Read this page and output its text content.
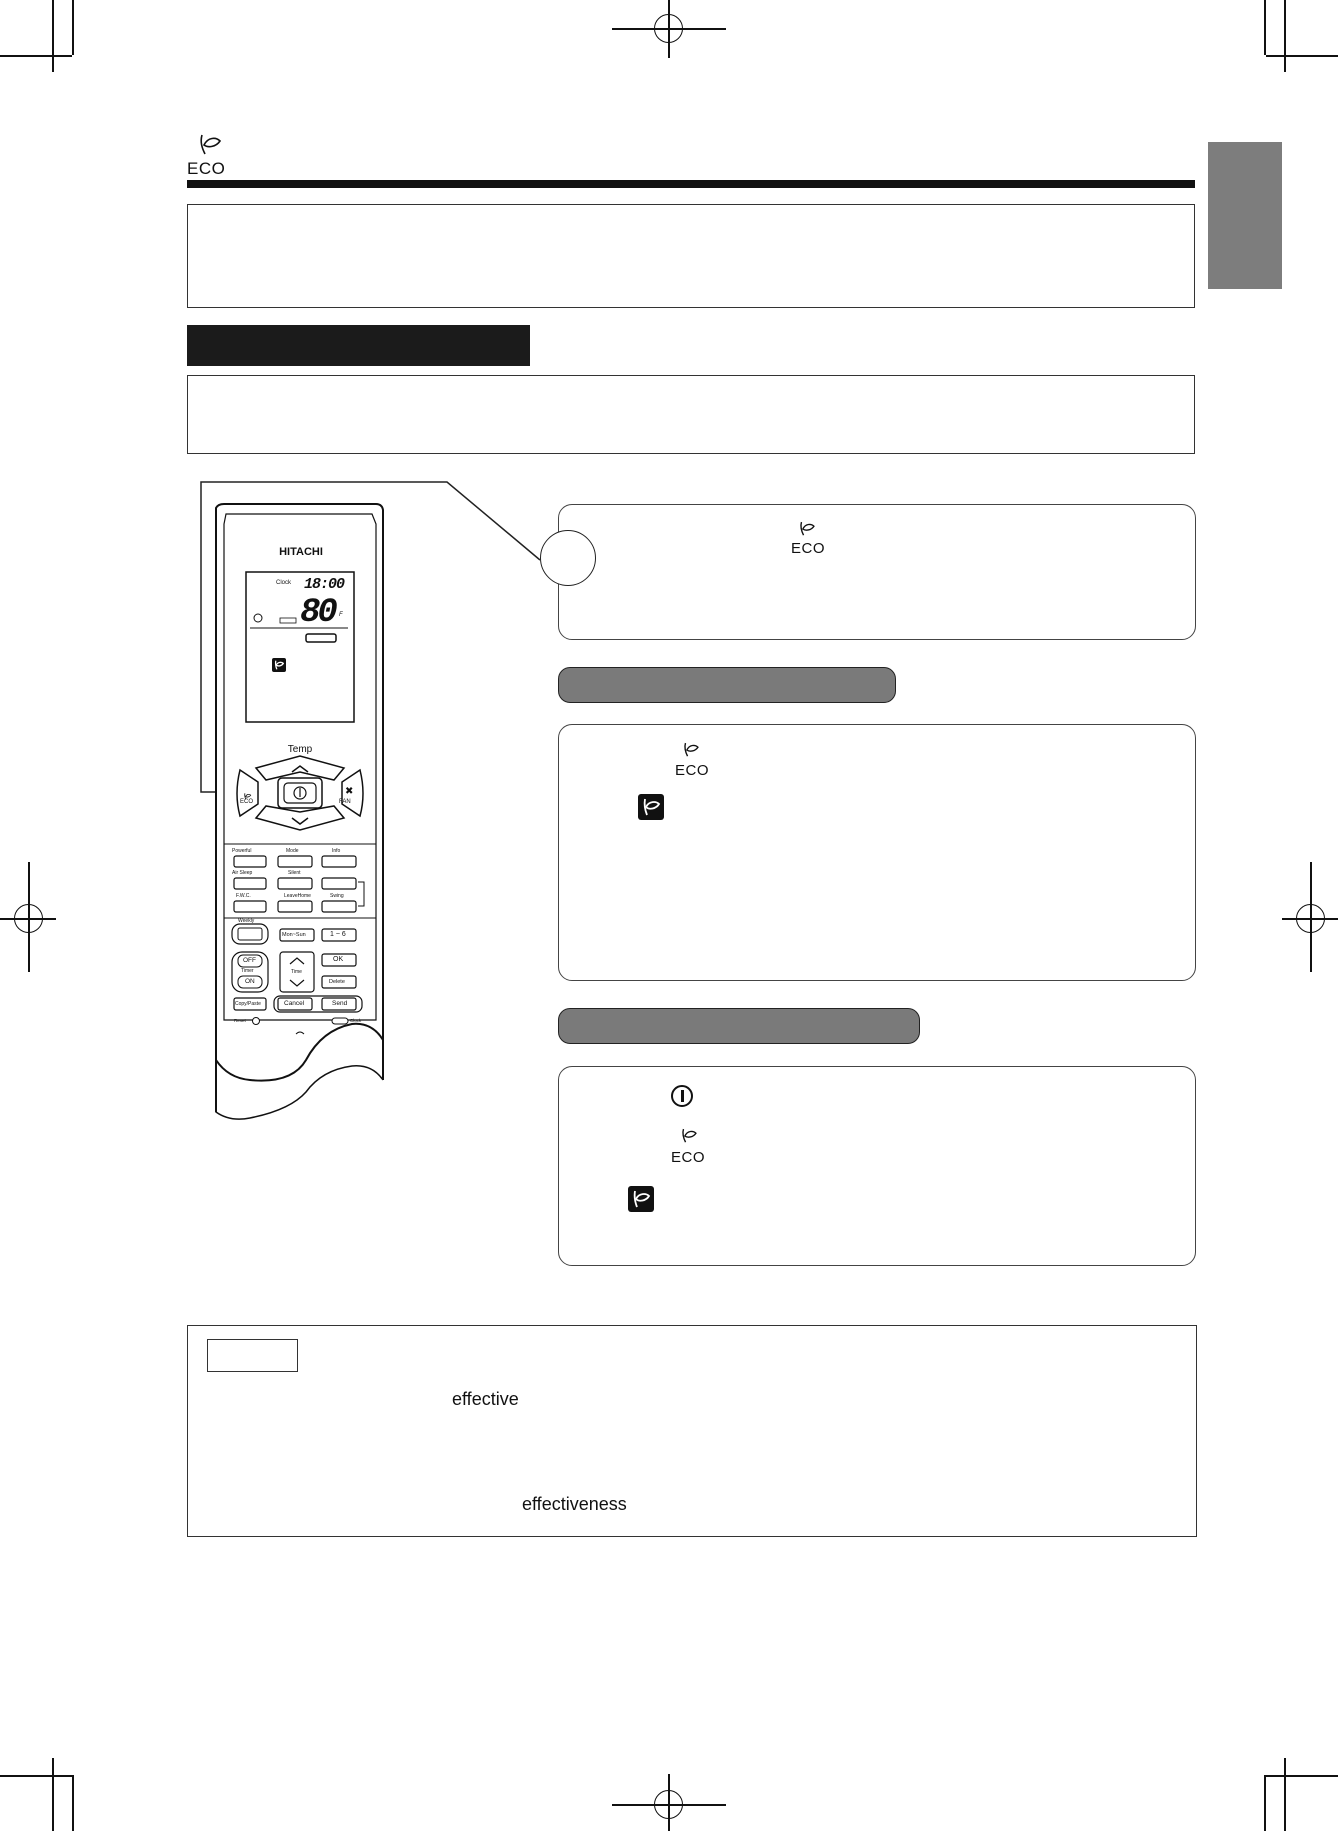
ECO
ECO
ECO
ECO
effective
effectiveness
HITACHI
Clock 18:00
80 F
Temp
ECO
✖
FAN
Powerful	Mode	Info
Air Sleep	Silent
F.W.C.	LeaveHome	Swing
Weekly
Mon~Sun	1 ~ 6
OFF
Timer
ON
Time
OK
Delete
Copy/Paste	Cancel	Send
Reset	Clock
